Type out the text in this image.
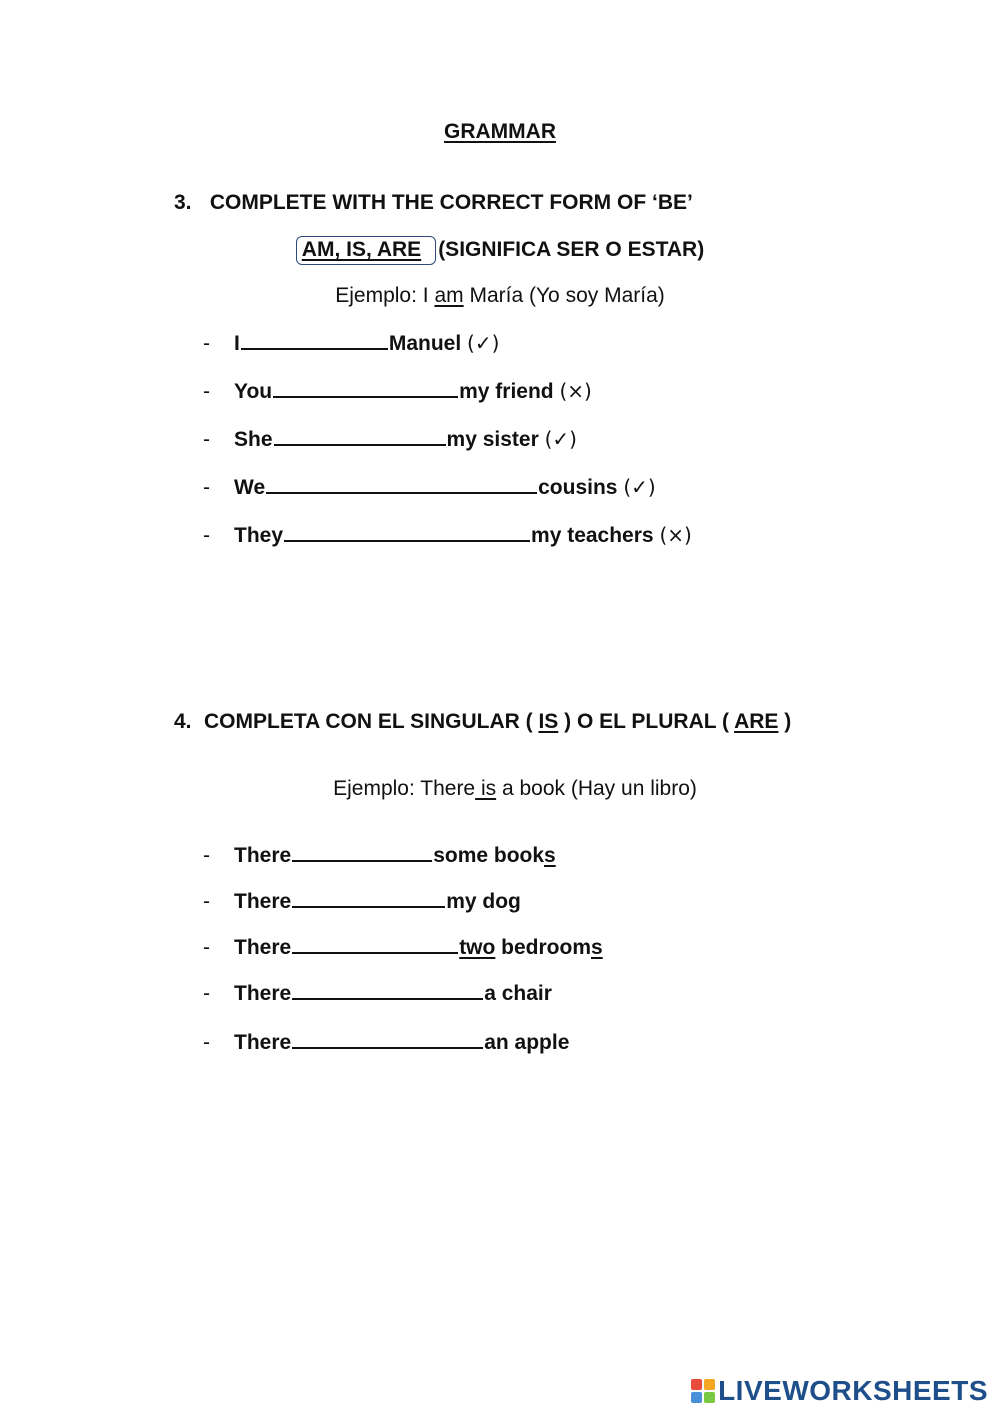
GRAMMAR
3. COMPLETE WITH THE CORRECT FORM OF ‘BE’
AM, IS, ARE (SIGNIFICA SER O ESTAR)
Ejemplo: I am María (Yo soy María)
- I	Manuel (✓)
- You	my friend (×)
- She	my sister (✓)
- We	cousins (✓)
- They	my teachers (×)
4. COMPLETA CON EL SINGULAR ( IS ) O EL PLURAL ( ARE )
Ejemplo: There is a book (Hay un libro)
- There	some books
- There	my dog
- There	two bedrooms
- There	a chair
- There	an apple
LIVEWORKSHEETS
